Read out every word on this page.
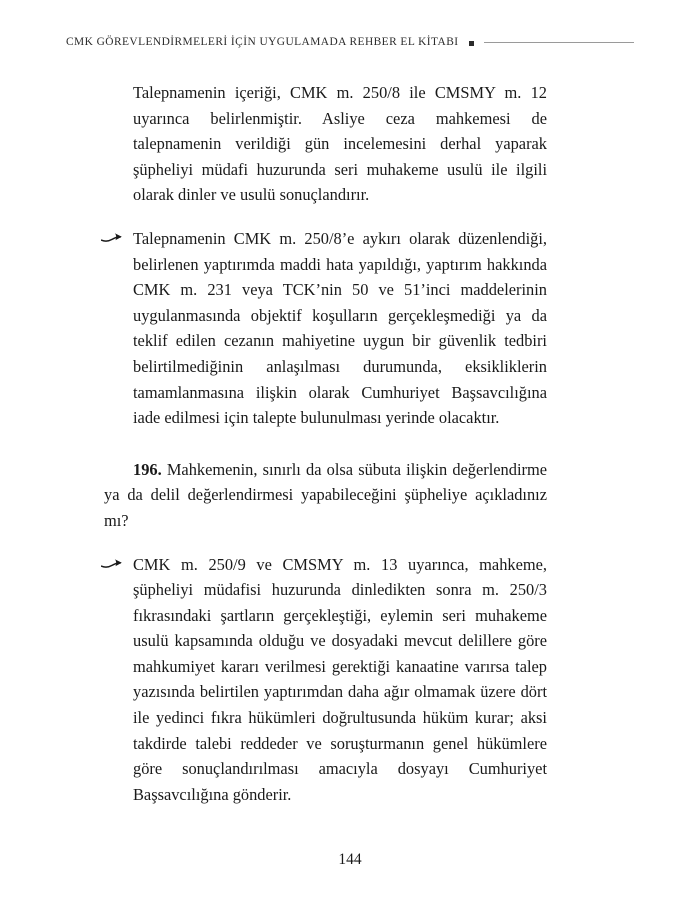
CMK GÖREVLENDİRMELERİ İÇİN UYGULAMADA REHBER EL KİTABI

Talepnamenin içeriği, CMK m. 250/8 ile CMSMY m. 12 uyarınca belirlenmiştir. Asliye ceza mahkemesi de talepnamenin verildiği gün incelemesini derhal yaparak şüpheliyi müdafi huzurunda seri muhakeme usulü ile ilgili olarak dinler ve usulü sonuçlandırır.

Talepnamenin CMK m. 250/8’e aykırı olarak düzenlendiği, belirlenen yaptırımda maddi hata yapıldığı, yaptırım hakkında CMK m. 231 veya TCK’nin 50 ve 51’inci maddelerinin uygulanmasında objektif koşulların gerçekleşmediği ya da teklif edilen cezanın mahiyetine uygun bir güvenlik tedbiri belirtilmediğinin anlaşılması durumunda, eksikliklerin tamamlanmasına ilişkin olarak Cumhuriyet Başsavcılığına iade edilmesi için talepte bulunulması yerinde olacaktır.

196. Mahkemenin, sınırlı da olsa sübuta ilişkin değerlendirme ya da delil değerlendirmesi yapabileceğini şüpheliye açıkladınız mı?

CMK m. 250/9 ve CMSMY m. 13 uyarınca, mahkeme, şüpheliyi müdafisi huzurunda dinledikten sonra m. 250/3 fıkrasındaki şartların gerçekleştiği, eylemin seri muhakeme usulü kapsamında olduğu ve dosyadaki mevcut delillere göre mahkumiyet kararı verilmesi gerektiği kanaatine varırsa talep yazısında belirtilen yaptırımdan daha ağır olmamak üzere dört ile yedinci fıkra hükümleri doğrultusunda hüküm kurar; aksi takdirde talebi reddeder ve soruşturmanın genel hükümlere göre sonuçlandırılması amacıyla dosyayı Cumhuriyet Başsavcılığına gönderir.

144
